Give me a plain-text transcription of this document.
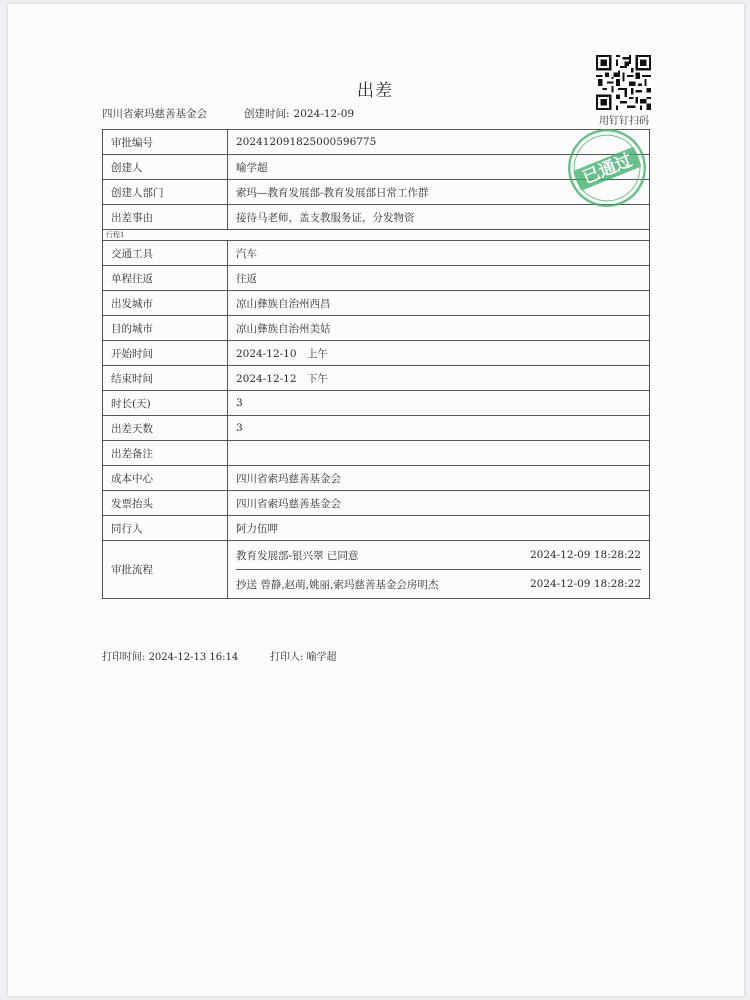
出差
用钉钉扫码
四川省索玛慈善基金会	创建时间: 2024-12-09
审批编号	202412091825000596775
创建人	喻学超
创建人部门	索玛—教育发展部-教育发展部日常工作群
出差事由	接待马老师，盖支教服务证，分发物资
行程1	
交通工具	汽车
单程往返	往返
出发城市	凉山彝族自治州西昌
目的城市	凉山彝族自治州美姑
开始时间	2024-12-10　上午
结束时间	2024-12-12　下午
时长(天)	3
出差天数	3
出差备注	
成本中心	四川省索玛慈善基金会
发票抬头	四川省索玛慈善基金会
同行人	阿力伍呷
审批流程	教育发展部-银兴翠 已同意 2024-12-09 18:28:22
抄送 曾静,赵萌,姚丽,索玛慈善基金会房明杰 2024-12-09 18:28:22
已通过
打印时间: 2024-12-13 16:14	打印人: 喻学超
